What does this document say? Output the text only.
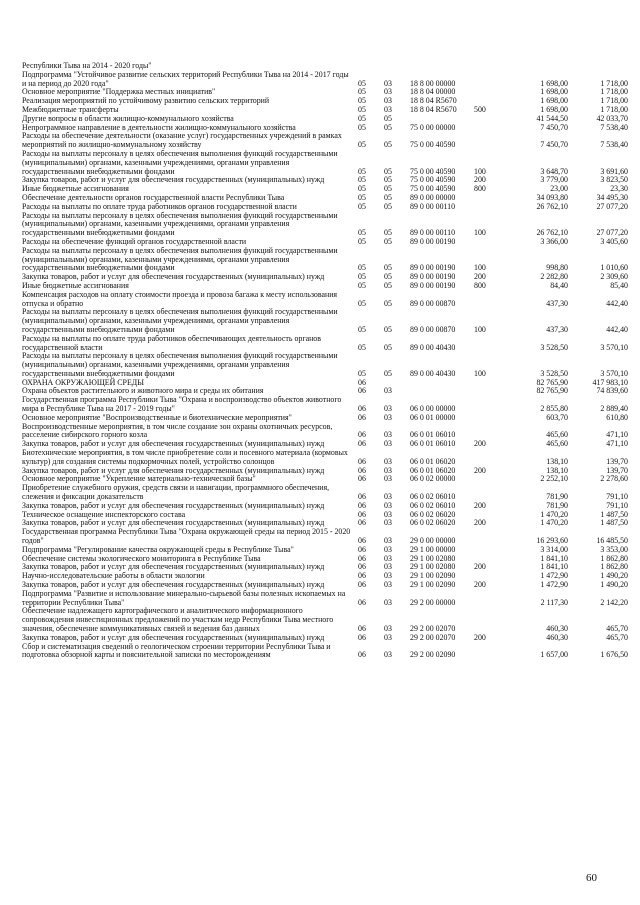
Республики Тыва на 2014 - 2020 годы"						
Подпрограмма "Устойчивое развитие сельских территорий Республики Тыва на 2014 - 2017 годы и на период до 2020 года"	05	03	18 8 00 00000		1 698,00	1 718,00
Основное мероприятие "Поддержка местных инициатив"	05	03	18 8 04 00000		1 698,00	1 718,00
Реализация мероприятий по устойчивому развитию сельских территорий	05	03	18 8 04 R5670		1 698,00	1 718,00
Межбюджетные трансферты	05	03	18 8 04 R5670	500	1 698,00	1 718,00
Другие вопросы в области жилищно-коммунального хозяйства	05	05			41 544,50	42 033,70
Непрограммное направление в деятельности жилищно-коммунального хозяйства	05	05	75 0 00 00000		7 450,70	7 538,40
Расходы на обеспечение деятельности (оказание услуг) государственных учреждений в рамках мероприятий по жилищно-коммунальному хозяйству	05	05	75 0 00 40590		7 450,70	7 538,40
Расходы на выплаты персоналу в целях обеспечения выполнения функций государственными (муниципальными) органами, казенными учреждениями, органами управления государственными внебюджетными фондами	05	05	75 0 00 40590	100	3 648,70	3 691,60
Закупка товаров, работ и услуг для обеспечения государственных (муниципальных) нужд	05	05	75 0 00 40590	200	3 779,00	3 823,50
Иные бюджетные ассигнования	05	05	75 0 00 40590	800	23,00	23,30
Обеспечение деятельности органов государственной власти Республики Тыва	05	05	89 0 00 00000		34 093,80	34 495,30
Расходы на выплаты по оплате труда работников органов государственной власти	05	05	89 0 00 00110		26 762,10	27 077,20
Расходы на выплаты персоналу в целях обеспечения выполнения функций государственными (муниципальными) органами, казенными учреждениями, органами управления государственными внебюджетными фондами	05	05	89 0 00 00110	100	26 762,10	27 077,20
Расходы на обеспечение функций органов государственной власти	05	05	89 0 00 00190		3 366,00	3 405,60
Расходы на выплаты персоналу в целях обеспечения выполнения функций государственными (муниципальными) органами, казенными учреждениями, органами управления государственными внебюджетными фондами	05	05	89 0 00 00190	100	998,80	1 010,60
Закупка товаров, работ и услуг для обеспечения государственных (муниципальных) нужд	05	05	89 0 00 00190	200	2 282,80	2 309,60
Иные бюджетные ассигнования	05	05	89 0 00 00190	800	84,40	85,40
Компенсация расходов на оплату стоимости проезда и провоза багажа к месту использования отпуска и обратно	05	05	89 0 00 00870		437,30	442,40
Расходы на выплаты персоналу в целях обеспечения выполнения функций государственными (муниципальными) органами, казенными учреждениями, органами управления государственными внебюджетными фондами	05	05	89 0 00 00870	100	437,30	442,40
Расходы на выплаты по оплате труда работников обеспечивающих деятельность органов государственной власти	05	05	89 0 00 40430		3 528,50	3 570,10
Расходы на выплаты персоналу в целях обеспечения выполнения функций государственными (муниципальными) органами, казенными учреждениями, органами управления государственными внебюджетными фондами	05	05	89 0 00 40430	100	3 528,50	3 570,10
ОХРАНА ОКРУЖАЮЩЕЙ СРЕДЫ	06				82 765,90	417 983,10
Охрана объектов растительного и животного мира и среды их обитания	06	03			82 765,90	74 839,60
Государственная программа Республики Тыва "Охрана и воспроизводство объектов животного мира в Республике Тыва на 2017 - 2019 годы"	06	03	06 0 00 00000		2 855,80	2 889,40
Основное мероприятие "Воспроизводственные и биотехнические мероприятия"	06	03	06 0 01 00000		603,70	610,80
Воспроизводственные мероприятия, в том числе создание зон охраны охотничьих ресурсов, расселение сибирского горного козла	06	03	06 0 01 06010		465,60	471,10
Закупка товаров, работ и услуг для обеспечения государственных (муниципальных) нужд	06	03	06 0 01 06010	200	465,60	471,10
Биотехнические мероприятия, в том числе приобретение соли и посевного материала (кормовых культур) для создания системы подкормочных полей, устройство солонцов	06	03	06 0 01 06020		138,10	139,70
Закупка товаров, работ и услуг для обеспечения государственных (муниципальных) нужд	06	03	06 0 01 06020	200	138,10	139,70
Основное мероприятие "Укрепление материально-технической базы"	06	03	06 0 02 00000		2 252,10	2 278,60
Приобретение служебного оружия, средств связи и навигации, программного обеспечения, слежения и фиксации доказательств	06	03	06 0 02 06010		781,90	791,10
Закупка товаров, работ и услуг для обеспечения государственных (муниципальных) нужд	06	03	06 0 02 06010	200	781,90	791,10
Техническое оснащение инспекторского состава	06	03	06 0 02 06020		1 470,20	1 487,50
Закупка товаров, работ и услуг для обеспечения государственных (муниципальных) нужд	06	03	06 0 02 06020	200	1 470,20	1 487,50
Государственная программа Республики Тыва "Охрана окружающей среды на период 2015 - 2020 годов"	06	03	29 0 00 00000		16 293,60	16 485,50
Подпрограмма "Регулирование качества окружающей среды в Республике Тыва"	06	03	29 1 00 00000		3 314,00	3 353,00
Обеспечение системы экологического мониторинга в Республике Тыва	06	03	29 1 00 02080		1 841,10	1 862,80
Закупка товаров, работ и услуг для обеспечения государственных (муниципальных) нужд	06	03	29 1 00 02080	200	1 841,10	1 862,80
Научно-исследовательские работы в области экологии	06	03	29 1 00 02090		1 472,90	1 490,20
Закупка товаров, работ и услуг для обеспечения государственных (муниципальных) нужд	06	03	29 1 00 02090	200	1 472,90	1 490,20
Подпрограмма "Развитие и использование минерально-сырьевой базы полезных ископаемых на территории Республики Тыва"	06	03	29 2 00 00000		2 117,30	2 142,20
Обеспечение надлежащего картографического и аналитического информационного сопровождения инвестиционных предложений по участкам недр Республики Тыва местного значения, обеспечение коммуникативных связей и ведения баз данных	06	03	29 2 00 02070		460,30	465,70
Закупка товаров, работ и услуг для обеспечения государственных (муниципальных) нужд	06	03	29 2 00 02070	200	460,30	465,70
Сбор и систематизация сведений о геологическом строении территории Республики Тыва и подготовка обзорной карты и пояснительной записки по месторождениям	06	03	29 2 00 02090		1 657,00	1 676,50
60
